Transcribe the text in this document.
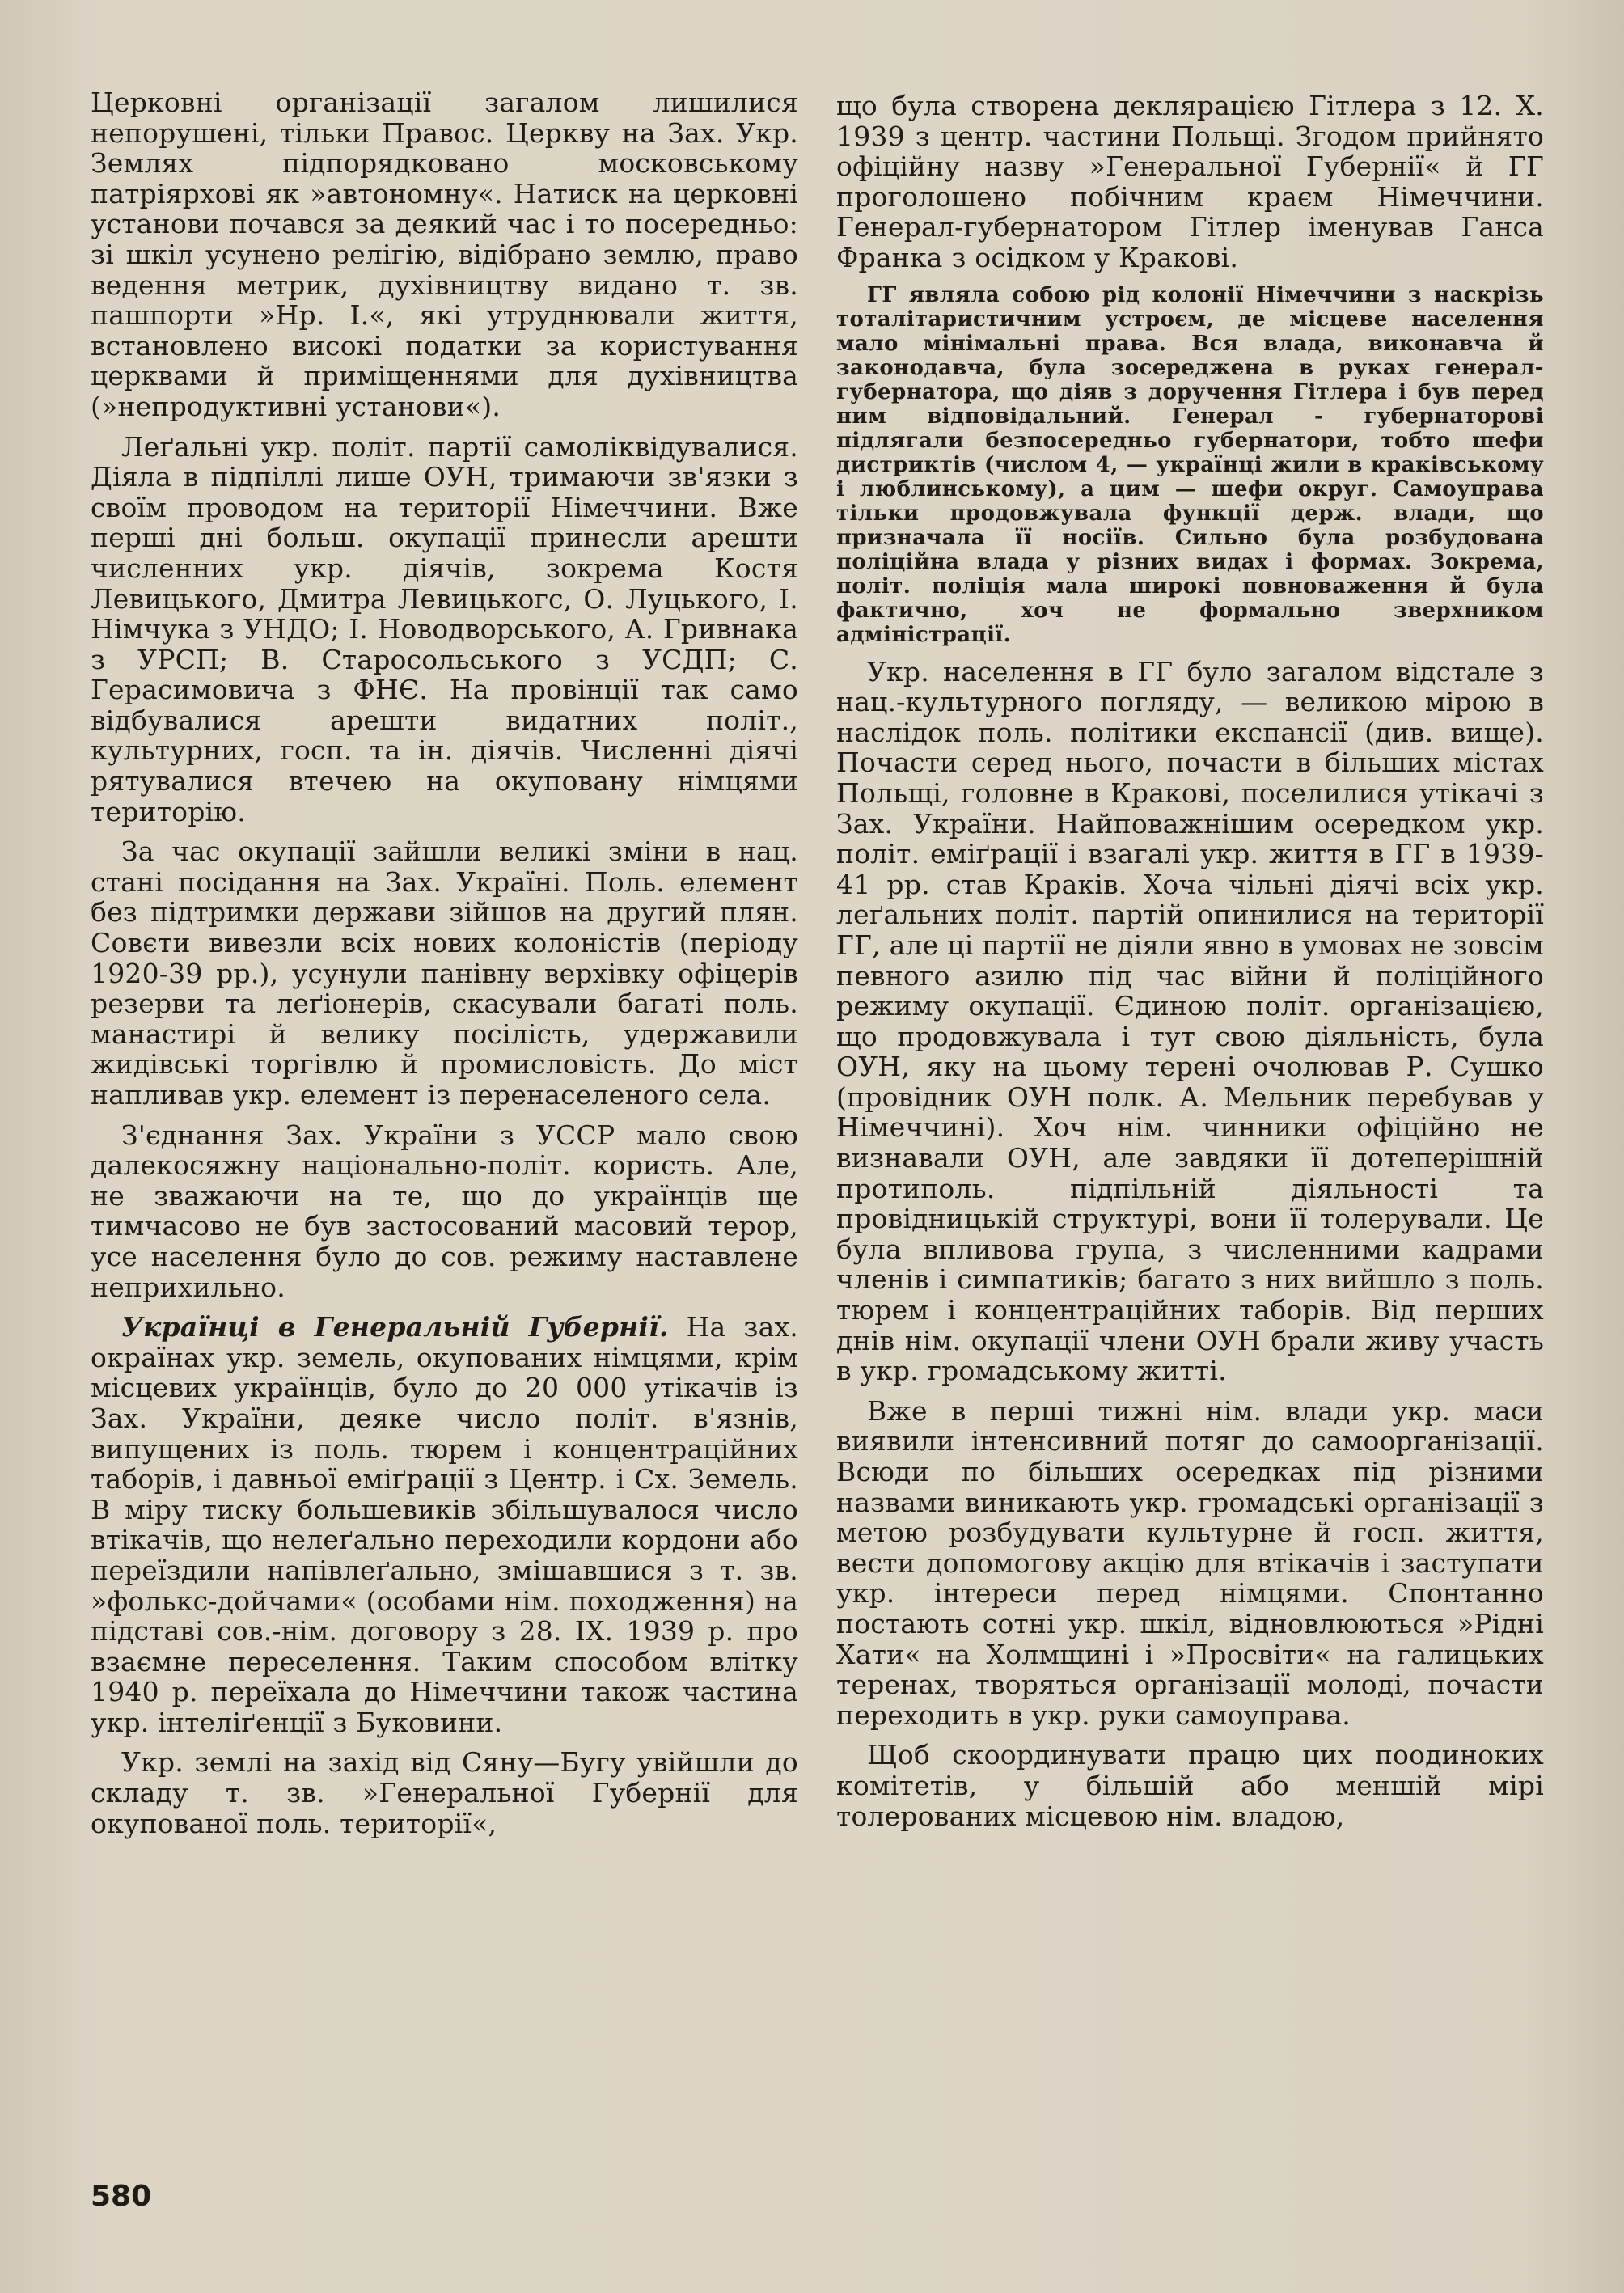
Церковні організації загалом лишилися непорушені, тільки Правос. Церкву на Зах. Укр. Землях підпорядковано московському патріярхові як »автономну«. Натиск на церковні установи почався за деякий час і то посередньо: зі шкіл усунено релігію, відібрано землю, право ведення метрик, духівництву видано т. зв. пашпорти »Нр. І.«, які утруднювали життя, встановлено високі податки за користування церквами й приміщеннями для духівництва (»непродуктивні установи«).

Леґальні укр. політ. партії самоліквідувалися. Діяла в підпіллі лише ОУН, тримаючи зв'язки з своїм проводом на території Німеччини. Вже перші дні больш. окупації принесли арешти численних укр. діячів, зокрема Костя Левицького, Дмитра Левицькогс, О. Луцького, І. Німчука з УНДО; І. Новодворського, А. Гривнака з УРСП; В. Старосольського з УСДП; С. Герасимовича з ФНЄ. На провінції так само відбувалися арешти видатних політ., культурних, госп. та ін. діячів. Численні діячі рятувалися втечею на окуповану німцями територію.

За час окупації зайшли великі зміни в нац. стані посідання на Зах. Україні. Поль. елемент без підтримки держави зійшов на другий плян. Совєти вивезли всіх нових колоністів (періоду 1920-39 рр.), усунули панівну верхівку офіцерів резерви та леґіонерів, скасували багаті поль. манастирі й велику посілість, удержавили жидівські торгівлю й промисловість. До міст напливав укр. елемент із перенаселеного села.

З'єднання Зах. України з УССР мало свою далекосяжну національно-політ. користь. Але, не зважаючи на те, що до українців ще тимчасово не був застосований масовий терор, усе населення було до сов. режиму наставлене неприхильно.

Українці в Генеральній Губернії. На зах. окраїнах укр. земель, окупованих німцями, крім місцевих українців, було до 20 000 утікачів із Зах. України, деяке число політ. в'язнів, випущених із поль. тюрем і концентраційних таборів, і давньої еміґрації з Центр. і Сх. Земель. В міру тиску большевиків збільшувалося число втікачів, що нелеґально переходили кордони або переїздили напівлеґально, змішавшися з т. зв. »фолькс-дойчами« (особами нім. походження) на підставі сов.-нім. договору з 28. IX. 1939 р. про взаємне переселення. Таким способом влітку 1940 р. переїхала до Німеччини також частина укр. інтеліґенції з Буковини.

Укр. землі на захід від Сяну—Бугу увійшли до складу т. зв. »Генеральної Губернії для окупованої поль. території«,

що була створена деклярацією Гітлера з 12. X. 1939 з центр. частини Польщі. Згодом прийнято офіційну назву »Генеральної Губернії« й ГГ проголошено побічним краєм Німеччини. Генерал-губернатором Гітлер іменував Ганса Франка з осідком у Кракові.

ГГ являла собою рід колонії Німеччини з наскрізь тоталітаристичним устроєм, де місцеве населення мало мінімальні права. Вся влада, виконавча й законодавча, була зосереджена в руках генерал-губернатора, що діяв з доручення Гітлера і був перед ним відповідальний. Генерал - губернаторові підлягали безпосередньо губернатори, тобто шефи дистриктів (числом 4, — українці жили в краківському і люблинському), а цим — шефи округ. Самоуправа тільки продовжувала функції держ. влади, що призначала її носіїв. Сильно була розбудована поліційна влада у різних видах і формах. Зокрема, політ. поліція мала широкі повноваження й була фактично, хоч не формально зверхником адміністрації.

Укр. населення в ГГ було загалом відстале з нац.-культурного погляду, — великою мірою в наслідок поль. політики експансії (див. вище). Почасти серед нього, почасти в більших містах Польщі, головне в Кракові, поселилися утікачі з Зах. України. Найповажнішим осередком укр. політ. еміґрації і взагалі укр. життя в ГГ в 1939-41 рр. став Краків. Хоча чільні діячі всіх укр. леґальних політ. партій опинилися на території ГГ, але ці партії не діяли явно в умовах не зовсім певного азилю під час війни й поліційного режиму окупації. Єдиною політ. організацією, що продовжувала і тут свою діяльність, була ОУН, яку на цьому терені очолював Р. Сушко (провідник ОУН полк. А. Мельник перебував у Німеччині). Хоч нім. чинники офіційно не визнавали ОУН, але завдяки її дотеперішній протиполь. підпільній діяльності та провідницькій структурі, вони її толерували. Це була впливова група, з численними кадрами членів і симпатиків; багато з них вийшло з поль. тюрем і концентраційних таборів. Від перших днів нім. окупації члени ОУН брали живу участь в укр. громадському житті.

Вже в перші тижні нім. влади укр. маси виявили інтенсивний потяг до самоорганізації. Всюди по більших осередках під різними назвами виникають укр. громадські організації з метою розбудувати культурне й госп. життя, вести допомогову акцію для втікачів і заступати укр. інтереси перед німцями. Спонтанно постають сотні укр. шкіл, відновлюються »Рідні Хати« на Холмщині і »Просвіти« на галицьких теренах, творяться організації молоді, почасти переходить в укр. руки самоуправа.

Щоб скоординувати працю цих поодиноких комітетів, у більшій або меншій мірі толерованих місцевою нім. владою,

580
